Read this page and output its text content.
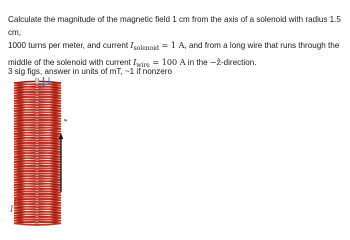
Calculate the magnitude of the magnetic field 1 cm from the axis of a solenoid with radius 1.5 cm,
1000 turns per meter, and current $I_{solenoid} = 1$ A, and from a long wire that runs through the
middle of the solenoid with current $I_{wire} = 100$ A in the −ẑ-direction.

3 sig figs, answer in units of mT, ~1 if nonzero

I
z
I
